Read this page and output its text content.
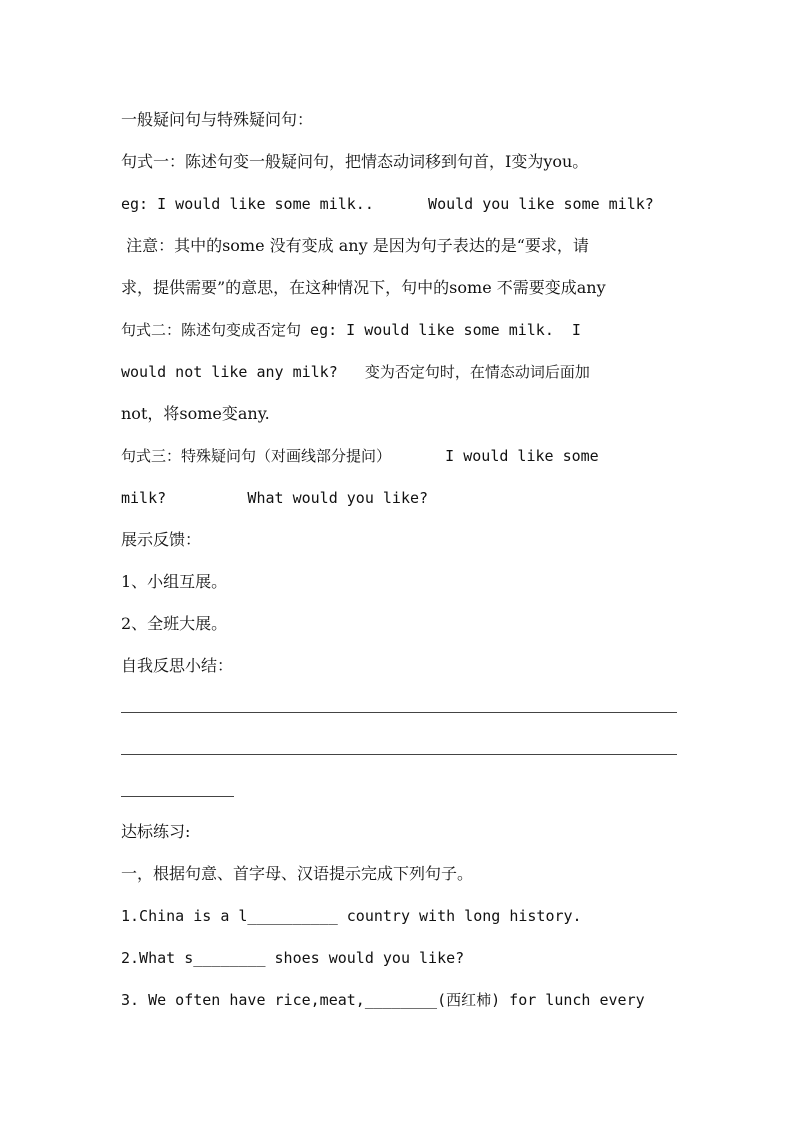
一般疑问句与特殊疑问句：
句式一：陈述句变一般疑问句，把情态动词移到句首，I变为you。
eg: I would like some milk..      Would you like some milk?
注意：其中的some 没有变成 any 是因为句子表达的是“要求，请
求，提供需要”的意思，在这种情况下，句中的some 不需要变成any
句式二：陈述句变成否定句 eg: I would like some milk.  I
would not like any milk?   变为否定句时，在情态动词后面加
not，将some变any.
句式三：特殊疑问句（对画线部分提问）      I would like some
milk?         What would you like?
展示反馈：
1、小组互展。
2、全班大展。
自我反思小结：
达标练习:
一，根据句意、首字母、汉语提示完成下列句子。
1.China is a l__________ country with long history.
2.What s________ shoes would you like?
3. We often have rice,meat,________(西红柿) for lunch every
